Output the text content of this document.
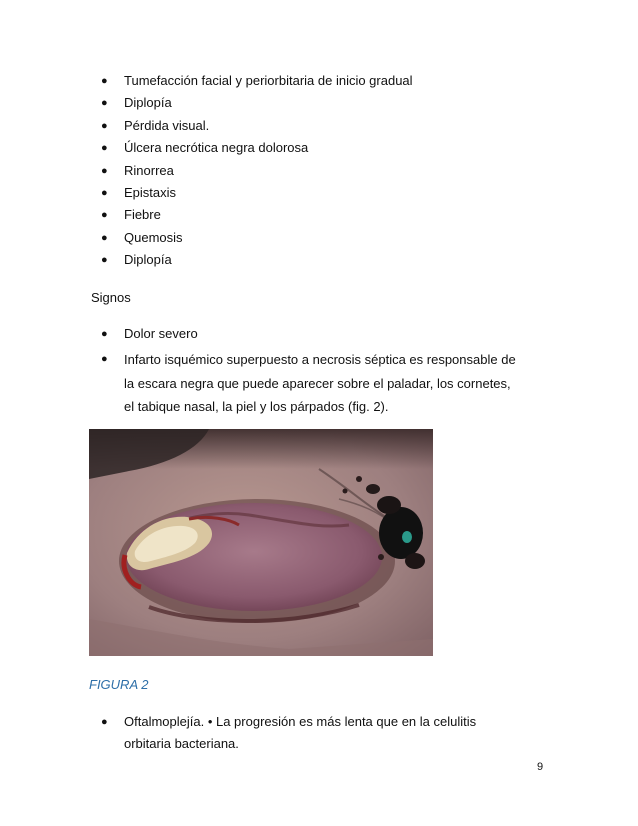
● Tumefacción facial y periorbitaria de inicio gradual
● Diplopía
● Pérdida visual.
● Úlcera necrótica negra dolorosa
● Rinorrea
● Epistaxis
● Fiebre
● Quemosis
● Diplopía
Signos
● Dolor severo
● Infarto isquémico superpuesto a necrosis séptica es responsable de la escara negra que puede aparecer sobre el paladar, los cornetes, el tabique nasal, la piel y los párpados (fig. 2).
FIGURA 2
● Oftalmoplejía. • La progresión es más lenta que en la celulitis orbitaria bacteriana.
9
